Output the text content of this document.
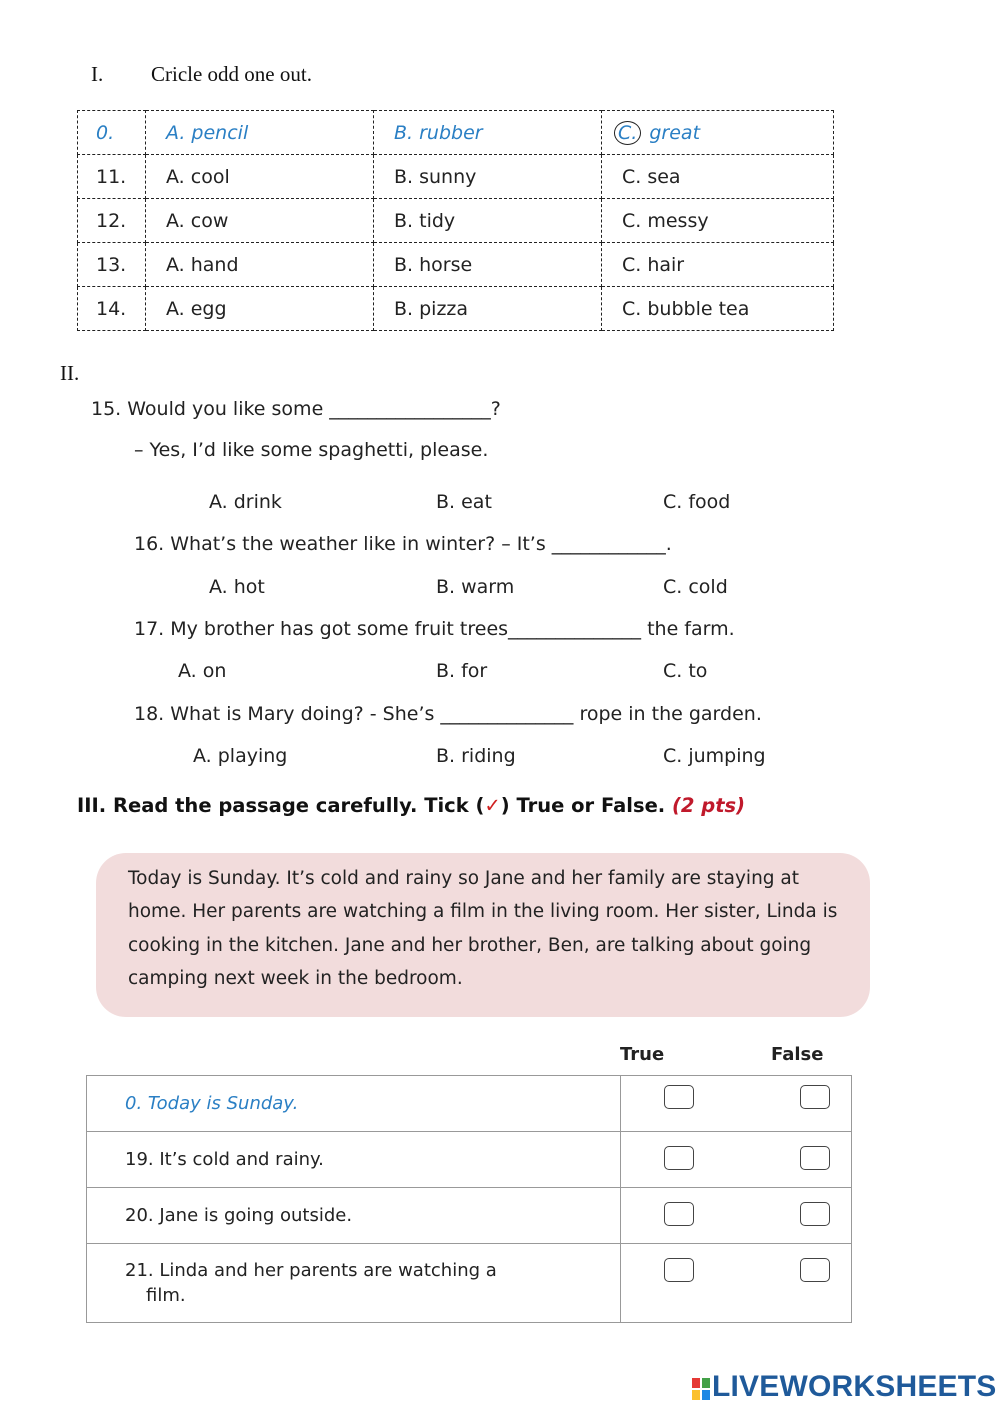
I. Cricle odd one out.
0.	A. pencil	B. rubber	C. great
11.	A. cool	B. sunny	C. sea
12.	A. cow	B. tidy	C. messy
13.	A. hand	B. horse	C. hair
14.	A. egg	B. pizza	C. bubble tea
II.
15. Would you like some _________________?
– Yes, I’d like some spaghetti, please.
A. drink	B. eat	C. food
16. What’s the weather like in winter? – It’s ____________.
A. hot	B. warm	C. cold
17. My brother has got some fruit trees______________ the farm.
A. on	B. for	C. to
18. What is Mary doing? - She’s ______________ rope in the garden.
A. playing	B. riding	C. jumping
III. Read the passage carefully. Tick (✓) True or False. (2 pts)
Today is Sunday. It’s cold and rainy so Jane and her family are staying at home. Her parents are watching a film in the living room. Her sister, Linda is cooking in the kitchen. Jane and her brother, Ben, are talking about going camping next week in the bedroom.
True	False
0. Today is Sunday.	

19. It’s cold and rainy.	

20. Jane is going outside.	

21. Linda and her parents are watching a
film.	

LIVEWORKSHEETS
